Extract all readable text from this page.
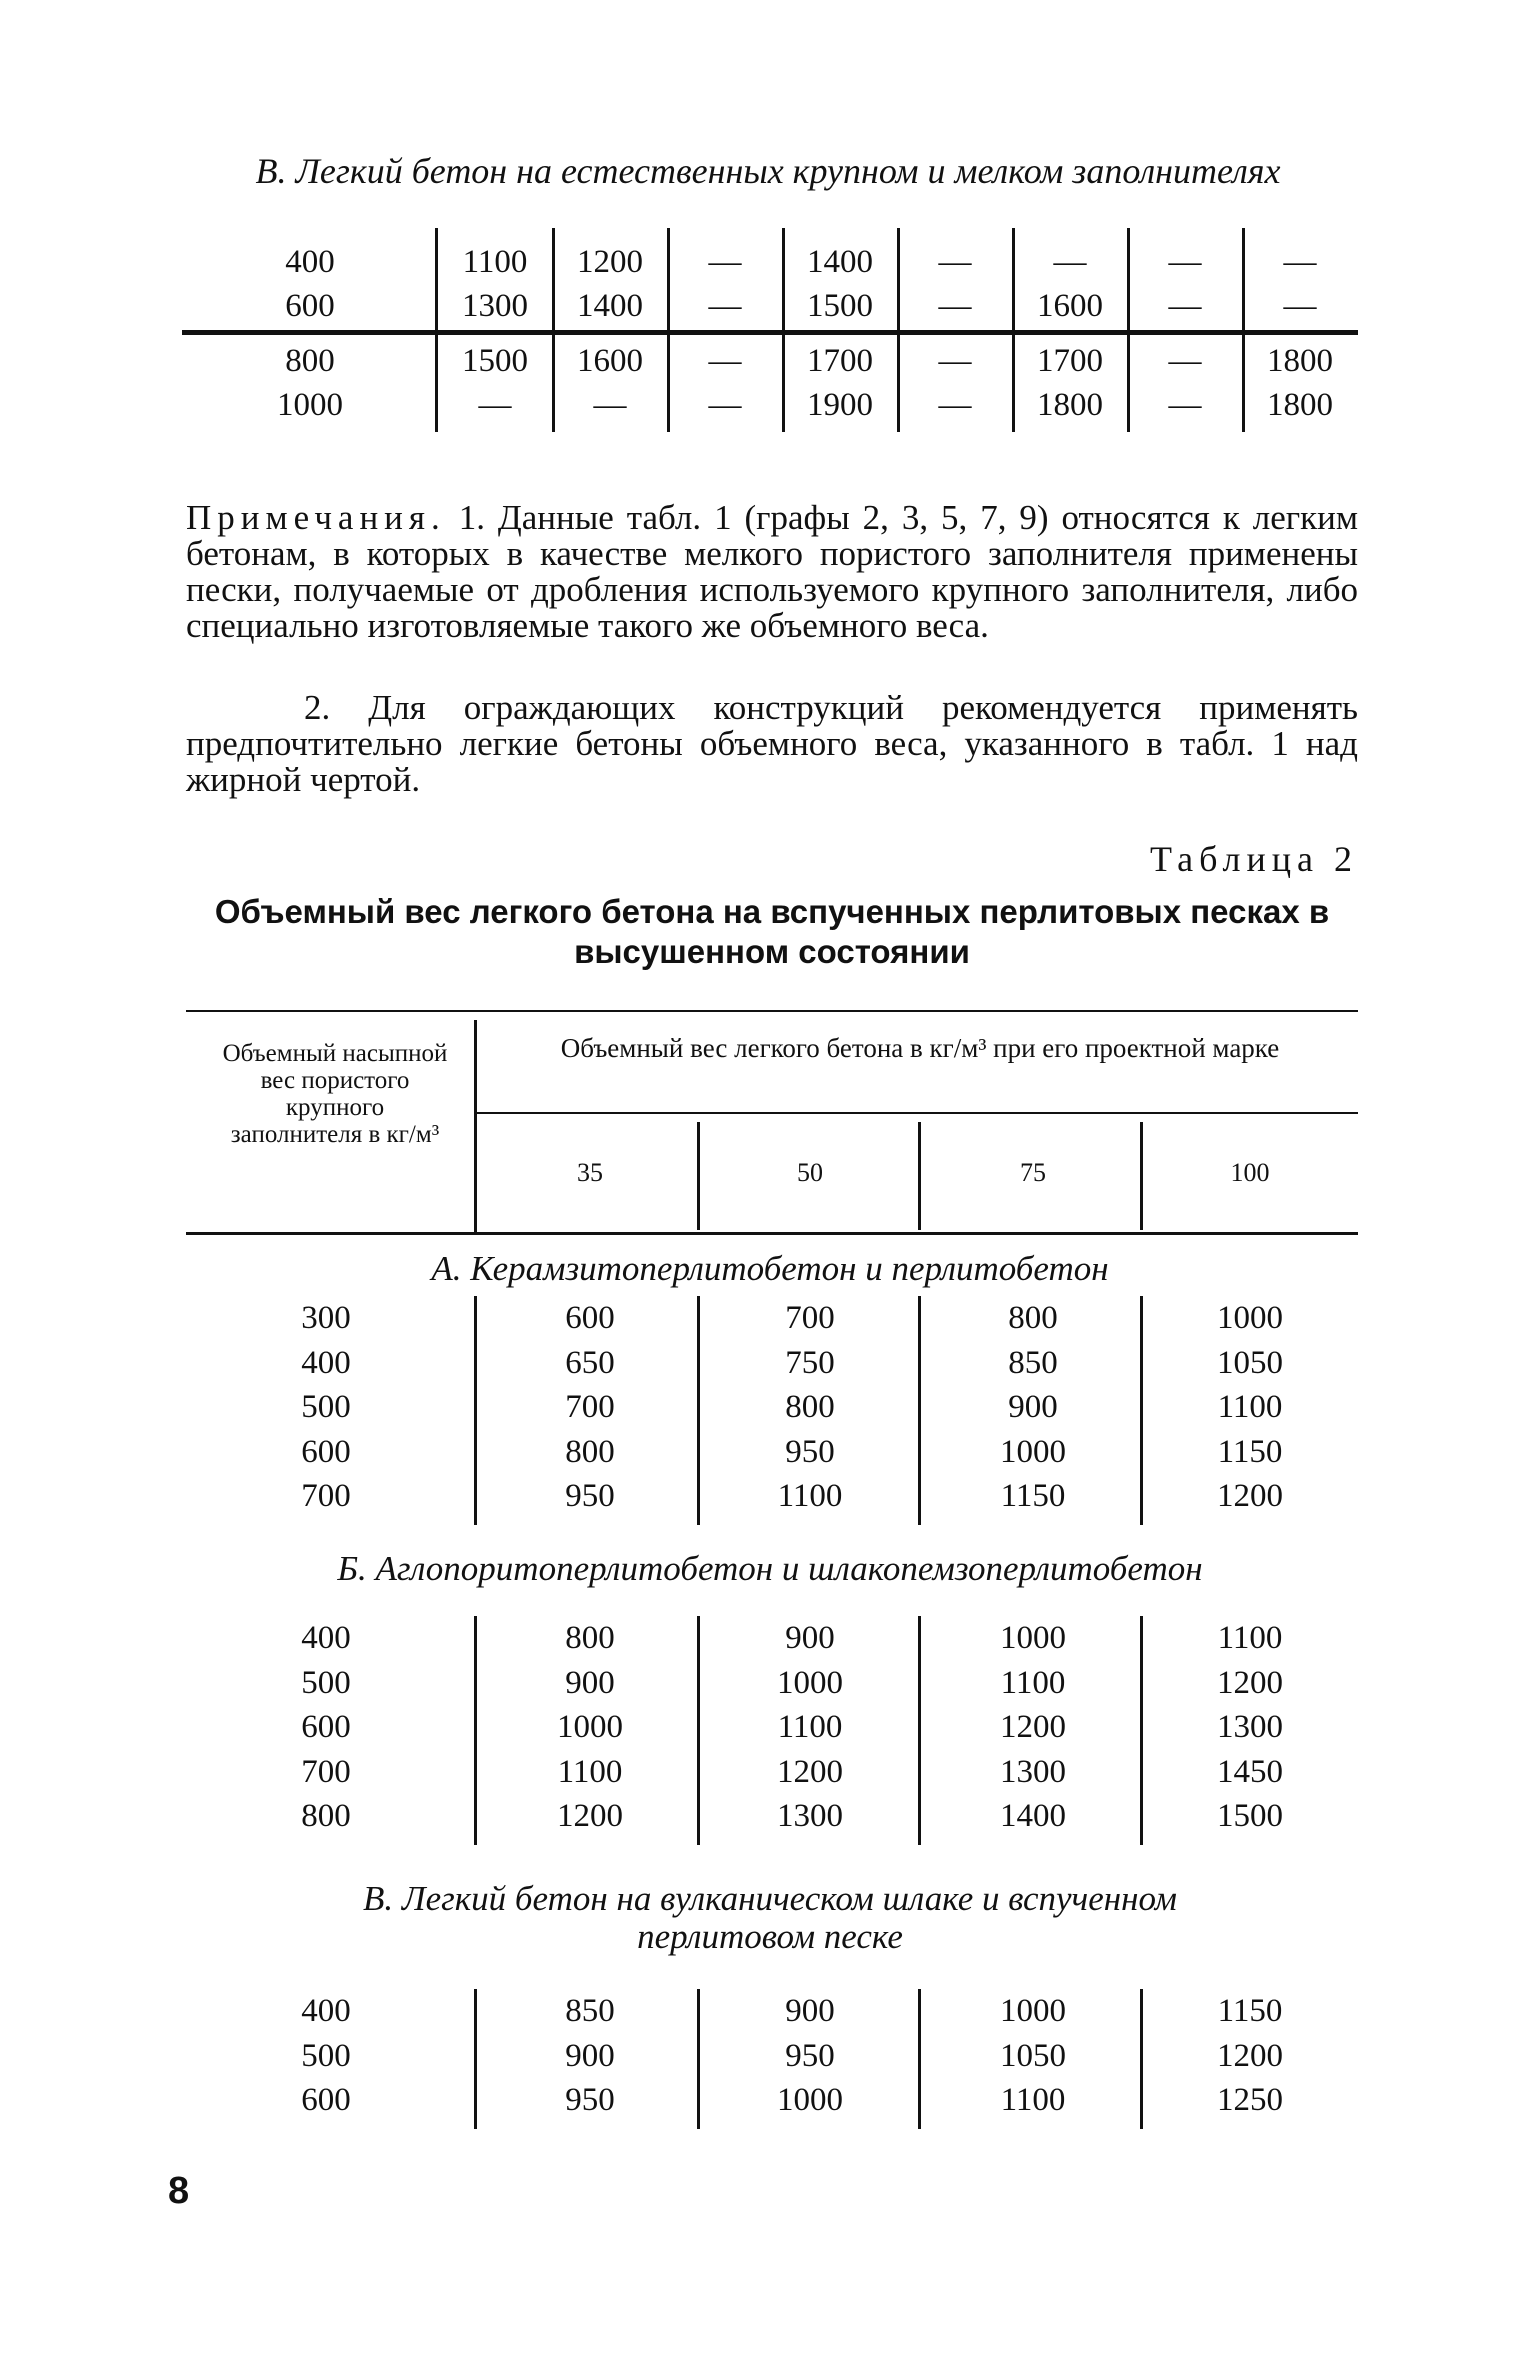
В. Легкий бетон на естественных крупном и мелком заполнителях
400	1100	1200	—	1400	—	—	—	—
600	1300	1400	—	1500	—	1600	—	—
800	1500	1600	—	1700	—	1700	—	1800
1000	—	—	—	1900	—	1800	—	1800
Примечания. 1. Данные табл. 1 (графы 2, 3, 5, 7, 9) относятся к легким бетонам, в которых в качестве мелкого пористого заполнителя применены пески, получаемые от дробления используемого крупного заполнителя, либо специально изготовляемые такого же объемного веса.
2. Для ограждающих конструкций рекомендуется применять предпочтительно легкие бетоны объемного веса, указанного в табл. 1 над жирной чертой.
Таблица 2
Объемный вес легкого бетона на вспученных перлитовых песках в высушенном состоянии
Объемный насыпной вес пористого крупного заполнителя в кг/м³
Объемный вес легкого бетона в кг/м³ при его проектной марке
35	50	75	100
А. Керамзитоперлитобетон и перлитобетон
300	600	700	800	1000
400	650	750	850	1050
500	700	800	900	1100
600	800	950	1000	1150
700	950	1100	1150	1200
Б. Аглопоритоперлитобетон и шлакопемзоперлитобетон
400	800	900	1000	1100
500	900	1000	1100	1200
600	1000	1100	1200	1300
700	1100	1200	1300	1450
800	1200	1300	1400	1500
В. Легкий бетон на вулканическом шлаке и вспученном перлитовом песке
400	850	900	1000	1150
500	900	950	1050	1200
600	950	1000	1100	1250
8
